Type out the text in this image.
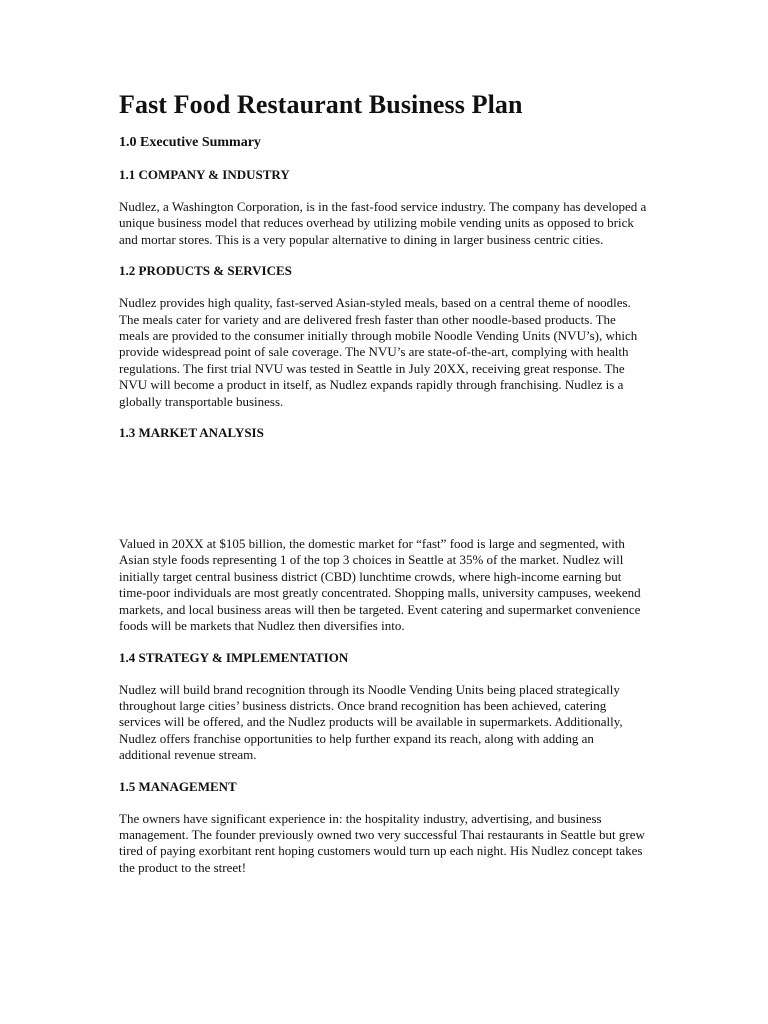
Fast Food Restaurant Business Plan
1.0 Executive Summary
1.1 COMPANY & INDUSTRY

Nudlez, a Washington Corporation, is in the fast-food service industry. The company has developed a unique business model that reduces overhead by utilizing mobile vending units as opposed to brick and mortar stores. This is a very popular alternative to dining in larger business centric cities.

1.2 PRODUCTS & SERVICES

Nudlez provides high quality, fast-served Asian-styled meals, based on a central theme of noodles. The meals cater for variety and are delivered fresh faster than other noodle-based products. The meals are provided to the consumer initially through mobile Noodle Vending Units (NVU’s), which provide widespread point of sale coverage. The NVU’s are state-of-the-art, complying with health regulations. The first trial NVU was tested in Seattle in July 20XX, receiving great response. The NVU will become a product in itself, as Nudlez expands rapidly through franchising. Nudlez is a globally transportable business.

1.3 MARKET ANALYSIS

Valued in 20XX at $105 billion, the domestic market for “fast” food is large and segmented, with Asian style foods representing 1 of the top 3 choices in Seattle at 35% of the market. Nudlez will initially target central business district (CBD) lunchtime crowds, where high-income earning but time-poor individuals are most greatly concentrated. Shopping malls, university campuses, weekend markets, and local business areas will then be targeted. Event catering and supermarket convenience foods will be markets that Nudlez then diversifies into.

1.4 STRATEGY & IMPLEMENTATION

Nudlez will build brand recognition through its Noodle Vending Units being placed strategically throughout large cities’ business districts. Once brand recognition has been achieved, catering services will be offered, and the Nudlez products will be available in supermarkets. Additionally, Nudlez offers franchise opportunities to help further expand its reach, along with adding an additional revenue stream.

1.5 MANAGEMENT

The owners have significant experience in: the hospitality industry, advertising, and business management. The founder previously owned two very successful Thai restaurants in Seattle but grew tired of paying exorbitant rent hoping customers would turn up each night. His Nudlez concept takes the product to the street!
